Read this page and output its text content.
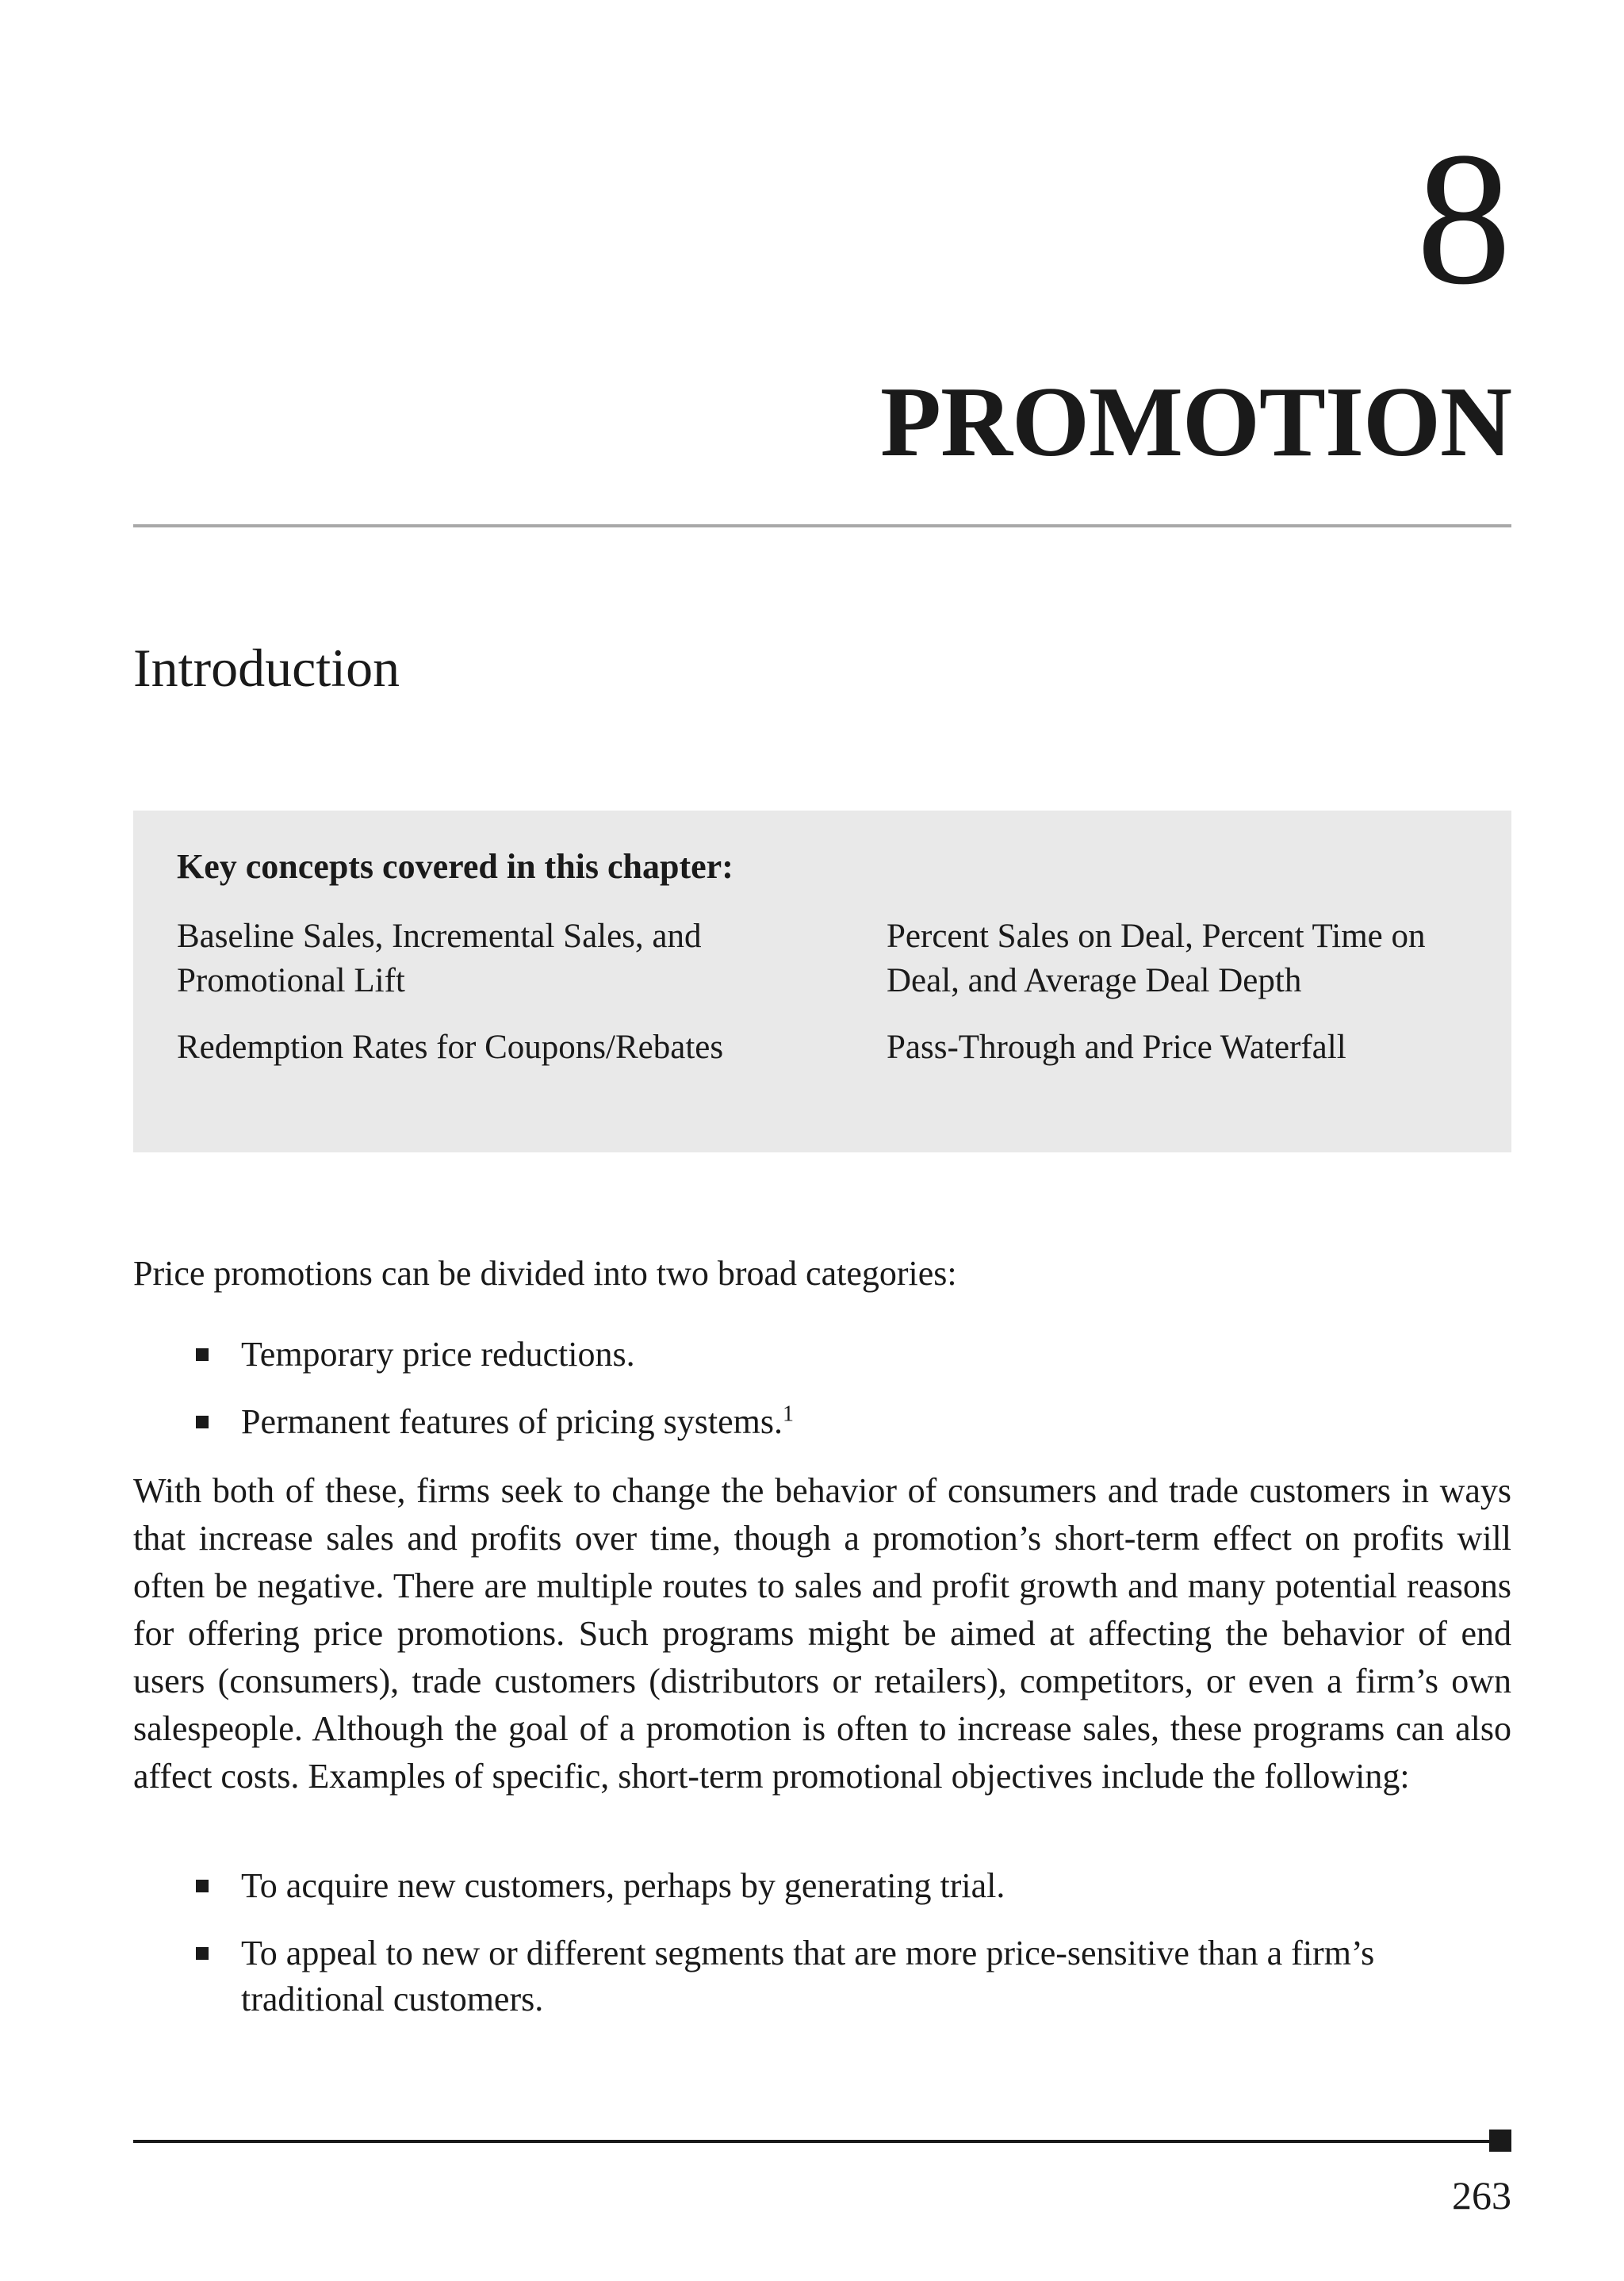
8
PROMOTION
Introduction
Key concepts covered in this chapter:
Baseline Sales, Incremental Sales, and Promotional Lift
Percent Sales on Deal, Percent Time on Deal, and Average Deal Depth
Redemption Rates for Coupons/Rebates	Pass-Through and Price Waterfall
Price promotions can be divided into two broad categories:
Temporary price reductions.
Permanent features of pricing systems.$^1$
With both of these, firms seek to change the behavior of consumers and trade customers in ways that increase sales and profits over time, though a promotion’s short-term effect on profits will often be negative. There are multiple routes to sales and profit growth and many potential reasons for offering price promotions. Such programs might be aimed at affecting the behavior of end users (consumers), trade customers (distributors or retailers), competitors, or even a firm’s own salespeople. Although the goal of a promotion is often to increase sales, these programs can also affect costs. Examples of specific, short-term promotional objectives include the following:
To acquire new customers, perhaps by generating trial.
To appeal to new or different segments that are more price-sensitive than a firm’s traditional customers.
263
